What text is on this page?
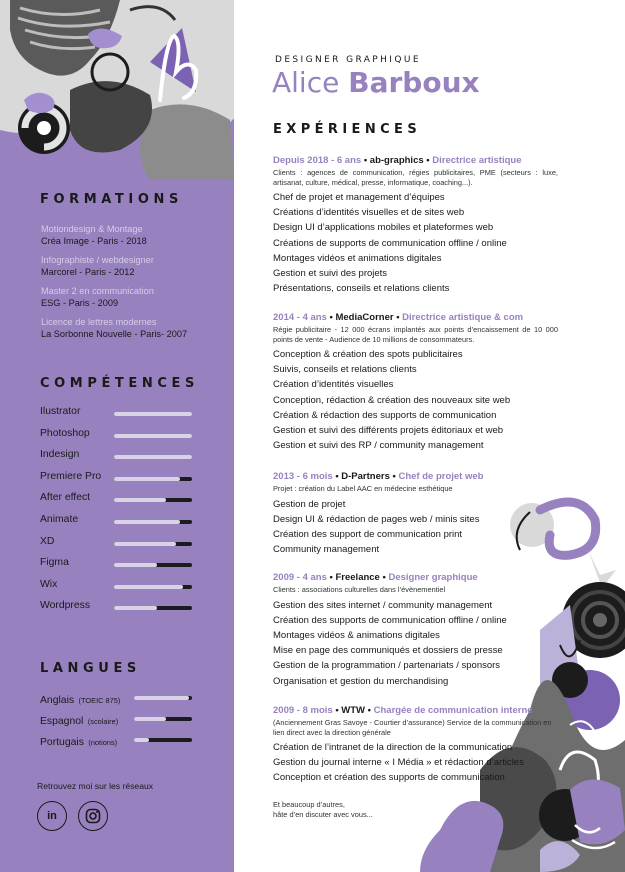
FORMATIONS
Motiondesign & Montage
Créa Image - Paris - 2018
Infographiste / webdesigner
Marcorel - Paris - 2012
Master 2 en communication
ESG - Paris - 2009
Licence de lettres modernes
La Sorbonne Nouvelle - Paris- 2007
COMPÉTENCES
Ilustrator
Photoshop
Indesign
Premiere Pro
After effect
Animate
XD
Figma
Wix
Wordpress
LANGUES
Anglais (TOEIC 875)
Espagnol (scolaire)
Portugais (notions)
Retrouvez moi sur les réseaux
in
DESIGNER GRAPHIQUE
Alice Barboux
EXPÉRIENCES
Depuis 2018 - 6 ans • ab-graphics • Directrice artistique
Clients : agences de communication, régies publicitaires, PME (secteurs : luxe, artisanat, culture, médical, presse, informatique, coaching...).
Chef de projet et management d’équipes
Créations d’identités visuelles et de sites web
Design UI d’applications mobiles et plateformes web
Créations de supports de communication offline / online
Montages vidéos et animations digitales
Gestion et suivi des projets
Présentations, conseils et relations clients
2014 - 4 ans • MediaCorner • Directrice artistique & com
Régie publicitaire - 12 000 écrans implantés aux points d’encaissement de 10 000 points de vente - Audience de 10 millions de consommateurs.
Conception & création des spots publicitaires
Suivis, conseils et relations clients
Création d’identités visuelles
Conception, rédaction & création des nouveaux site web
Création & rédaction des supports de communication
Gestion et suivi des différents projets éditoriaux et web
Gestion et suivi des RP / community management
2013 - 6 mois • D-Partners • Chef de projet web
Projet : création du Label AAC en médecine esthétique
Gestion de projet
Design UI & rédaction de pages web / minis sites
Création des support de communication print
Community management
2009 - 4 ans • Freelance • Designer graphique
Clients : associations culturelles dans l’évènementiel
Gestion des sites internet / community management
Création des supports de communication offline / online
Montages vidéos & animations digitales
Mise en page des communiqués et dossiers de presse
Gestion de la programmation / partenariats / sponsors
Organisation et gestion du merchandising
2009 - 8 mois • WTW • Chargée de communication interne
(Anciennement Gras Savoye - Courtier d’assurance) Service de la communication en lien direct avec la direction générale
Création de l’intranet de la direction de la communication
Gestion du journal interne « I Média » et rédaction d’articles
Conception et création des supports de communication
Et beaucoup d’autres,
hâte d’en discuter avec vous...
